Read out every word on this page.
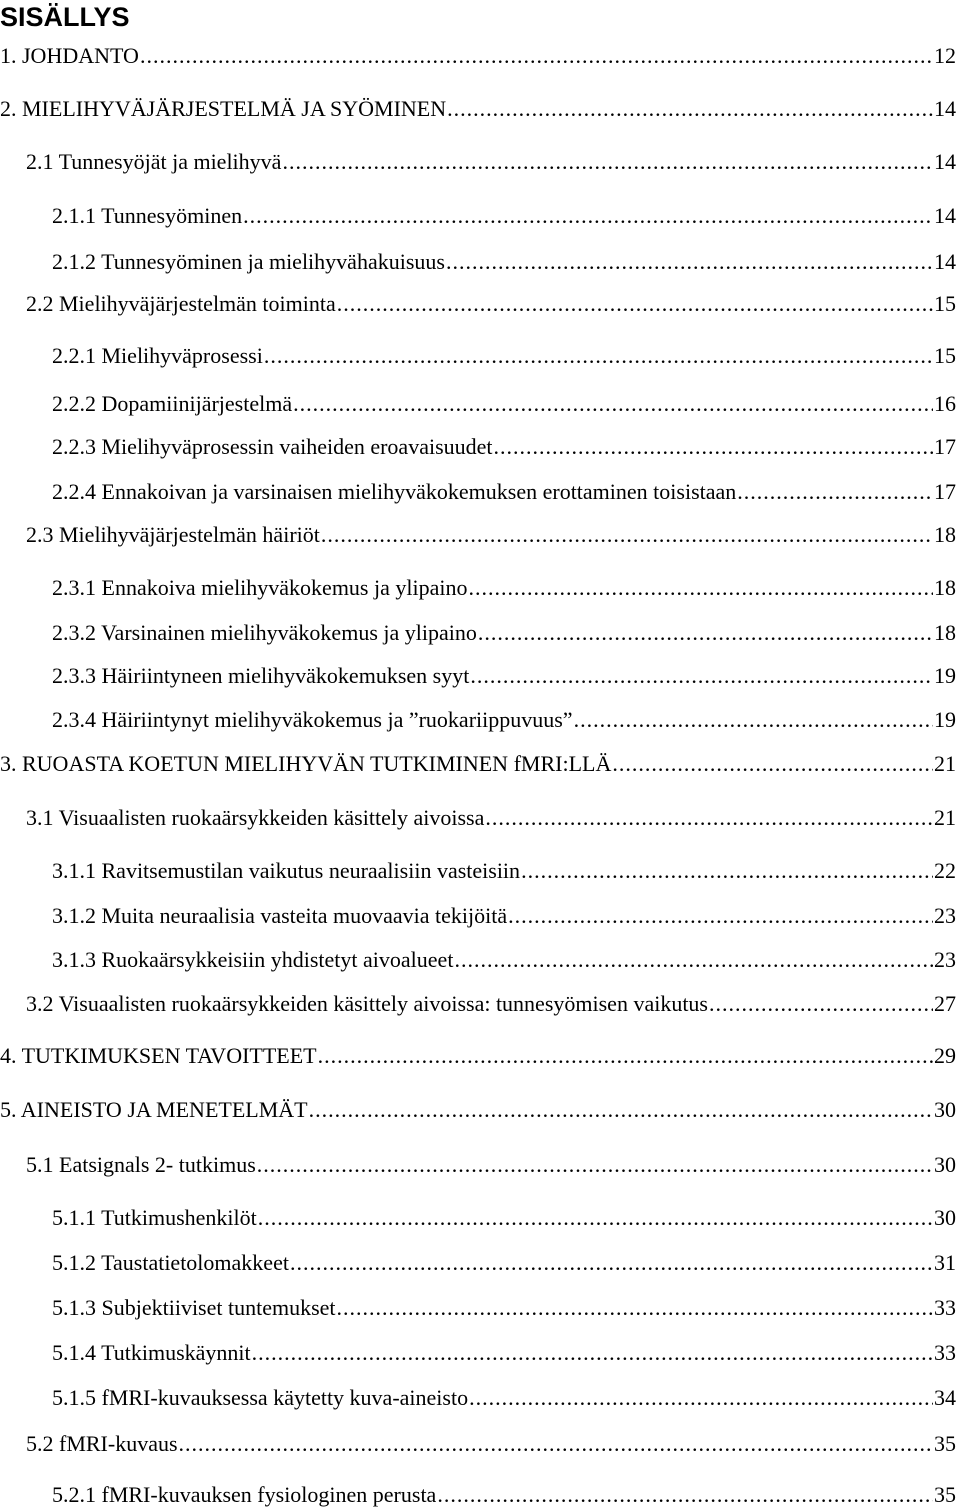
SISÄLLYS
1. JOHDANTO .....	12
2. MIELIHYVÄJÄRJESTELMÄ JA SYÖMINEN .....	14
2.1 Tunnesyöjät ja mielihyvä .....	14
2.1.1 Tunnesyöminen .....	14
2.1.2 Tunnesyöminen ja mielihyvähakuisuus .....	14
2.2 Mielihyväjärjestelmän toiminta .....	15
2.2.1 Mielihyväprosessi .....	15
2.2.2 Dopamiinijärjestelmä .....	16
2.2.3 Mielihyväprosessin vaiheiden eroavaisuudet .....	17
2.2.4 Ennakoivan ja varsinaisen mielihyväkokemuksen erottaminen toisistaan .....	17
2.3 Mielihyväjärjestelmän häiriöt .....	18
2.3.1 Ennakoiva mielihyväkokemus ja ylipaino .....	18
2.3.2 Varsinainen mielihyväkokemus ja ylipaino .....	18
2.3.3 Häiriintyneen mielihyväkokemuksen syyt .....	19
2.3.4 Häiriintynyt mielihyväkokemus ja ”ruokariippuvuus” .....	19
3. RUOASTA KOETUN MIELIHYVÄN TUTKIMINEN fMRI:LLÄ .....	21
3.1 Visuaalisten ruokaärsykkeiden käsittely aivoissa .....	21
3.1.1 Ravitsemustilan vaikutus neuraalisiin vasteisiin .....	22
3.1.2 Muita neuraalisia vasteita muovaavia tekijöitä .....	23
3.1.3 Ruokaärsykkeisiin yhdistetyt aivoalueet .....	23
3.2 Visuaalisten ruokaärsykkeiden käsittely aivoissa: tunnesyömisen vaikutus .....	27
4. TUTKIMUKSEN TAVOITTEET .....	29
5. AINEISTO JA MENETELMÄT .....	30
5.1 Eatsignals 2- tutkimus .....	30
5.1.1 Tutkimushenkilöt .....	30
5.1.2 Taustatietolomakkeet .....	31
5.1.3 Subjektiiviset tuntemukset .....	33
5.1.4 Tutkimuskäynnit .....	33
5.1.5 fMRI-kuvauksessa käytetty kuva-aineisto .....	34
5.2 fMRI-kuvaus .....	35
5.2.1 fMRI-kuvauksen fysiologinen perusta .....	35
